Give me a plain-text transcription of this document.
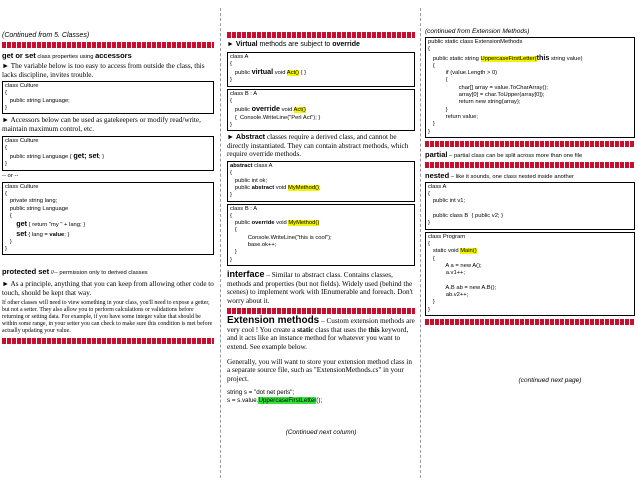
(Continued from 5. Classes)
get or set class properties using accessors
► The variable below is too easy to access from outside the class, this lacks discipline, invites trouble.
class Culture
{
public string Language;
}
► Accessors below can be used as gatekeepers or modify read/write, maintain maximum control, etc.
class Culture
{
public string Language { get; set; }
}
-- or --
class Culture
{
private string lang;
public string Language
{
get { return "my " + lang; }
set { lang = value; }
}
}
protected set //-- permission only to derived classes
► As a principle, anything that you can keep from allowing other code to touch, should be kept that way.
If other classes will need to view something in your class, you'll need to expose a getter, but not a setter. They also allow you to perform calculations or validations before returning or setting data. For example, if you have some integer value that should be within some range, in your setter you can check to make sure this condition is met before actually updating your value.
► Virtual methods are subject to override
class A
{
public virtual void Act() { }
}
class B : A
{
public override void Act()
{  Console.WriteLine("Perl Act"); }
}
► Abstract classes require a derived class, and cannot be directly instantiated. They can contain abstract methods, which require override methods.
abstract class A
{
public int ok;
public abstract void MyMethod();
}
class B : A
{
public override void MyMethod()
{
Console.WriteLine("this is cool");
base.ok++;
}
}
interface – Similar to abstract class. Contains classes, methods and properties (but not fields). Widely used (behind the scenes) to implement work with IEnumerable and foreach. Don't worry about it.
Extension methods – Custom extension methods are very cool ! You create a static class that uses the this keyword, and it acts like an instance method for whatever you want to extend. See example below.
Generally, you will want to store your extension method class in a separate source file, such as "ExtensionMethods.cs" in your project.
string s = "dot net perls";
s = s.value.UppercaseFirstLetter();
(Continued next column)
(continued from Extension Methods)
public static class ExtensionMethods
{
public static string UppercaseFirstLetter(this string value)
{
if (value.Length > 0)
{
char[] array = value.ToCharArray();
array[0] = char.ToUpper(array[0]);
return new string(array);
}
return value;
}
}
partial – partial class can be split across more than one file
nested – like it sounds, one class nested inside another
class A
{
public int v1;

public class B  { public v2; }
}
class Program
{
static void Main()
{
A a = new A();
a.v1++;

A.B ab = new A.B();
ab.v2++;
}
}
(continued next page)
